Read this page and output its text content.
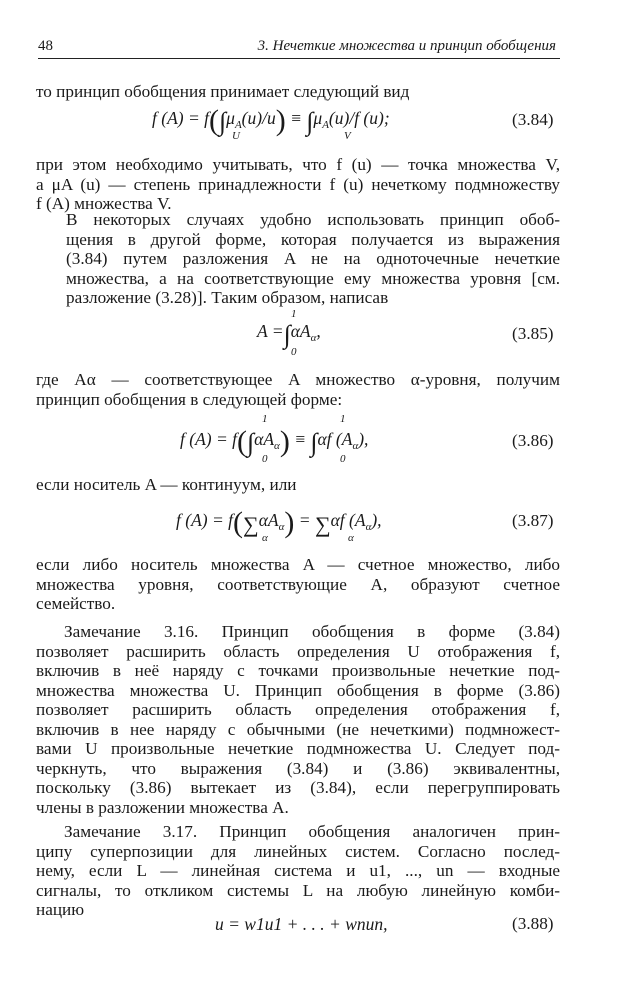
48	3. Нечеткие множества и принцип обобщения
то принцип обобщения принимает следующий вид
f $(A) = f(\int\mu_A(u)/u) \equiv \int\mu_A(u)/f$ (u);
U	V
(3.84)
при этом необходимо учитывать, что f (u) — точка множества V,
а μA (u) — степень принадлежности f (u) нечеткому подмножеству
f (A) множества V.
В некоторых случаях удобно использовать принцип обоб-
щения в другой форме, которая получается из выражения
(3.84) путем разложения A не на одноточечные нечеткие
множества, а на соответствующие ему множества уровня [см.
разложение (3.28)]. Таким образом, написав
$A =\int\alpha A_\alpha$,
1
0
(3.85)
где Aα — соответствующее A множество α-уровня, получим
принцип обобщения в следующей форме:
f $(A) = f(\int\alpha A_\alpha) \equiv \int\alpha f$ $(A_\alpha)$,
1
0
1
0
(3.86)
если носитель A — континуум, или
f $(A) = f(\sum\alpha A_\alpha) = \sum\alpha f$ $(A_\alpha)$,
α	α
(3.87)
если либо носитель множества A — счетное множество, либо
множества уровня, соответствующие A, образуют счетное
семейство.
Замечание 3.16. Принцип обобщения в форме (3.84)
позволяет расширить область определения U отображения f,
включив в неё наряду с точками произвольные нечеткие под-
множества множества U. Принцип обобщения в форме (3.86)
позволяет расширить область определения отображения f,
включив в нее наряду с обычными (не нечеткими) подмножест-
вами U произвольные нечеткие подмножества U. Следует под-
черкнуть, что выражения (3.84) и (3.86) эквивалентны,
поскольку (3.86) вытекает из (3.84), если перегруппировать
члены в разложении множества A.
Замечание 3.17. Принцип обобщения аналогичен прин-
ципу суперпозиции для линейных систем. Согласно послед-
нему, если L — линейная система и u1, ..., un — входные
сигналы, то откликом системы L на любую линейную комби-
нацию
u = w1u1 + . . . + wnun,	(3.88)
